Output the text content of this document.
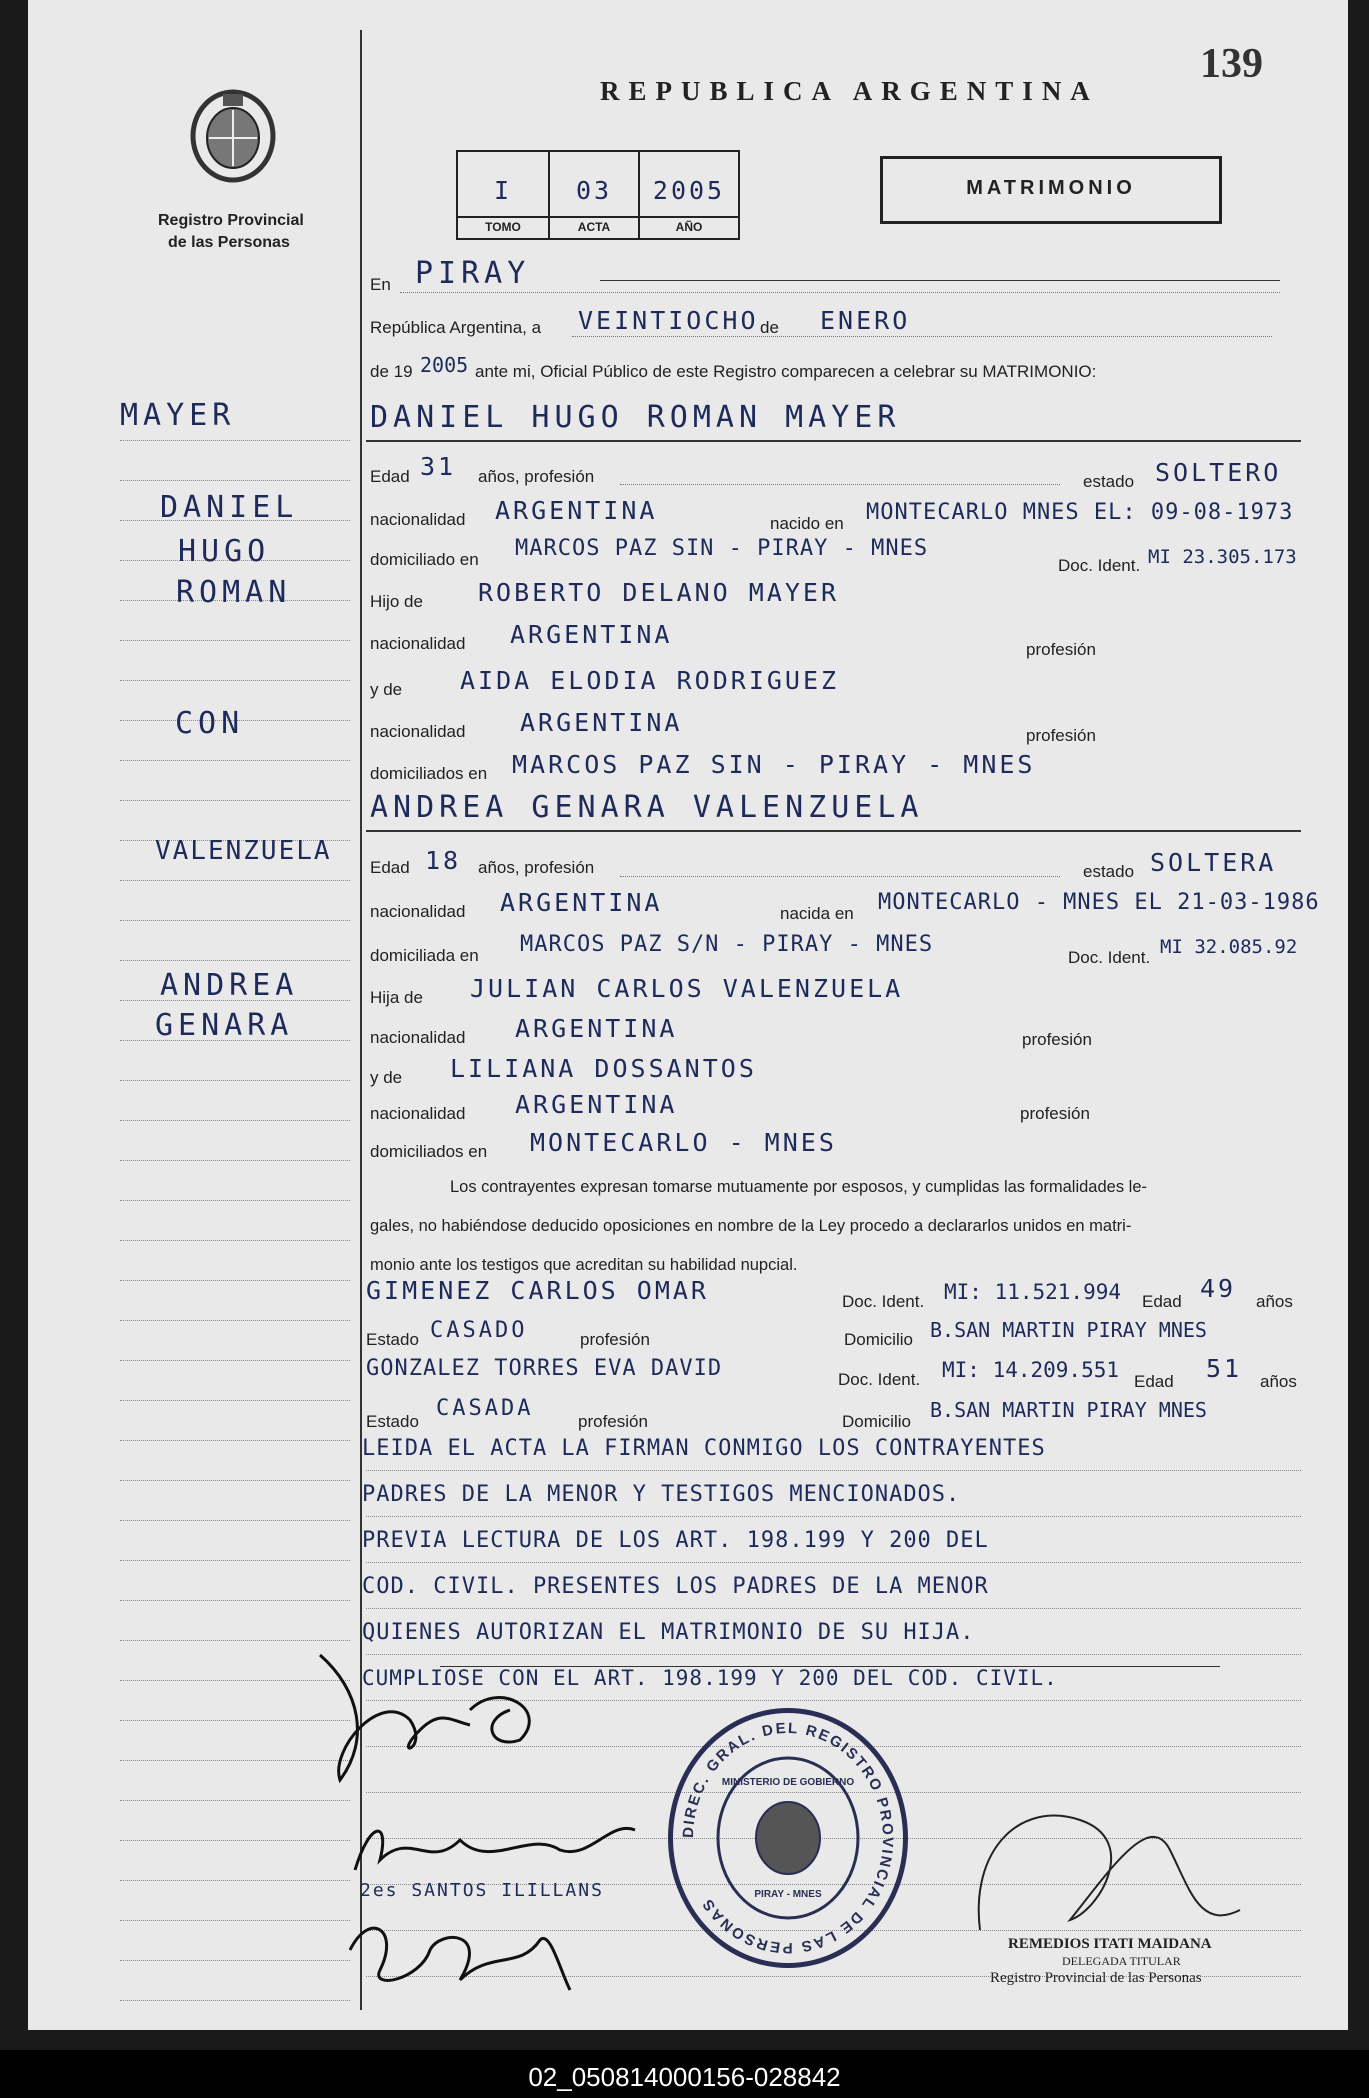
139
REPUBLICA ARGENTINA
Registro Provincial
de las Personas
I	03	2005
TOMO	ACTA	AÑO
MATRIMONIO
En PIRAY
República Argentina, a VEINTIOCHO de ENERO
de 19 2005 ante mi, Oficial Público de este Registro comparecen a celebrar su MATRIMONIO:
DANIEL HUGO ROMAN MAYER
Edad 31 años, profesión	estado SOLTERO
nacionalidad ARGENTINA	nacido en MONTECARLO MNES EL: 09-08-1973
domiciliado en MARCOS PAZ SIN - PIRAY - MNES
Doc. Ident. MI 23.305.173
Hijo de ROBERTO DELANO MAYER
nacionalidad ARGENTINA
profesión
y de AIDA ELODIA RODRIGUEZ
nacionalidad ARGENTINA	profesión
domiciliados en MARCOS PAZ SIN - PIRAY - MNES
ANDREA GENARA VALENZUELA
Edad 18 años, profesión	estado SOLTERA
nacionalidad ARGENTINA	nacida en MONTECARLO - MNES EL 21-03-1986
domiciliada en MARCOS PAZ S/N - PIRAY - MNES
Doc. Ident. MI 32.085.92
Hija de JULIAN CARLOS VALENZUELA
nacionalidad ARGENTINA	profesión
y de LILIANA DOSSANTOS
nacionalidad ARGENTINA	profesión
domiciliados en MONTECARLO - MNES
Los contrayentes expresan tomarse mutuamente por esposos, y cumplidas las formalidades le-
gales, no habiéndose deducido oposiciones en nombre de la Ley procedo a declararlos unidos en matri-
monio ante los testigos que acreditan su habilidad nupcial.
GIMENEZ CARLOS OMAR	Doc. Ident. MI: 11.521.994 Edad 49 años
Estado CASADO	profesión	Domicilio B.SAN MARTIN PIRAY MNES
GONZALEZ TORRES EVA DAVID	Doc. Ident. MI: 14.209.551 Edad 51 años
Estado
CASADA
profesión	Domicilio B.SAN MARTIN PIRAY MNES
LEIDA EL ACTA LA FIRMAN CONMIGO LOS CONTRAYENTES
PADRES DE LA MENOR Y TESTIGOS MENCIONADOS.
PREVIA LECTURA DE LOS ART. 198.199 Y 200 DEL
COD. CIVIL. PRESENTES LOS PADRES DE LA MENOR
QUIENES AUTORIZAN EL MATRIMONIO DE SU HIJA.
CUMPLIOSE CON EL ART. 198.199 Y 200 DEL COD. CIVIL.
2es SANTOS ILILLANS
DIREC. GRAL. DEL REGISTRO PROVINCIAL DE LAS PERSONAS
MINISTERIO DE GOBIERNO
PIRAY - MNES
REMEDIOS ITATI MAIDANA
DELEGADA TITULAR
Registro Provincial de las Personas
02_050814000156-028842
MAYER
DANIEL
HUGO
ROMAN
CON
VALENZUELA
ANDREA
GENARA
